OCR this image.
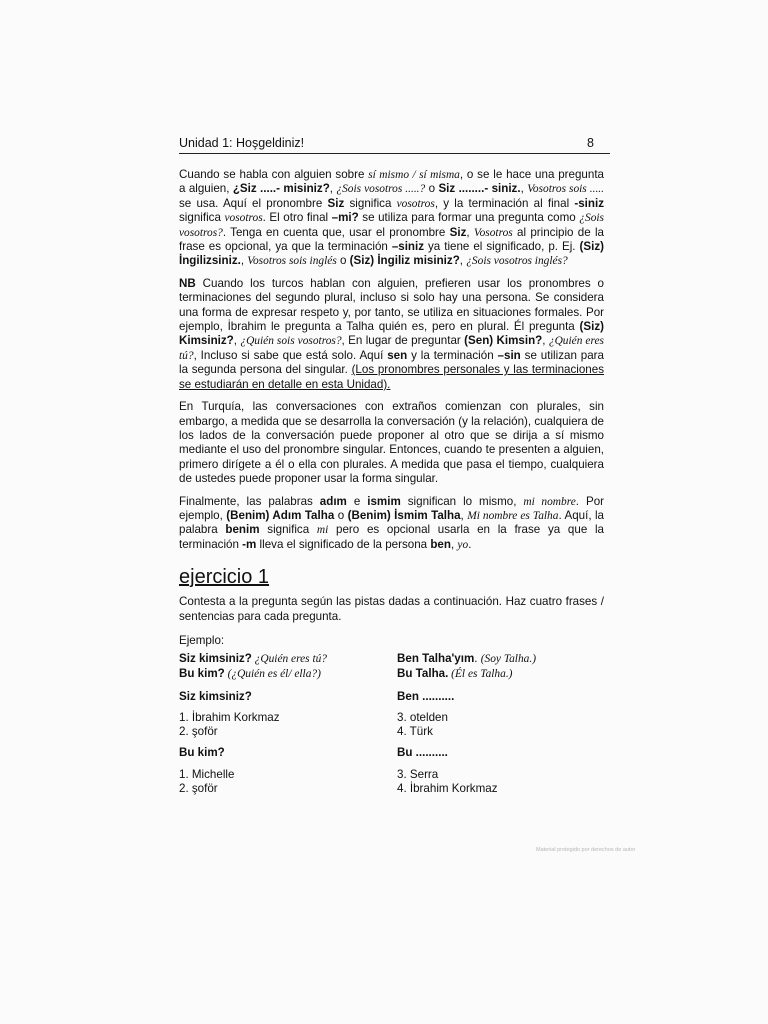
Unidad 1: Hoşgeldiniz!	8

Cuando se habla con alguien sobre sí mismo / sí misma, o se le hace una pregunta a alguien, ¿Siz .....- misiniz?, ¿Sois vosotros .....? o Siz ........- siniz., Vosotros sois ..... se usa. Aquí el pronombre Siz significa vosotros, y la terminación al final -siniz significa vosotros. El otro final –mi? se utiliza para formar una pregunta como ¿Sois vosotros?. Tenga en cuenta que, usar el pronombre Siz, Vosotros al principio de la frase es opcional, ya que la terminación –siniz ya tiene el significado, p. Ej. (Siz) İngilizsiniz., Vosotros sois inglés o (Siz) İngiliz misiniz?, ¿Sois vosotros inglés?

NB Cuando los turcos hablan con alguien, prefieren usar los pronombres o terminaciones del segundo plural, incluso si solo hay una persona. Se considera una forma de expresar respeto y, por tanto, se utiliza en situaciones formales. Por ejemplo, İbrahim le pregunta a Talha quién es, pero en plural. Él pregunta (Siz) Kimsiniz?, ¿Quién sois vosotros?, En lugar de preguntar (Sen) Kimsin?, ¿Quién eres tú?, Incluso si sabe que está solo. Aquí sen y la terminación –sin se utilizan para la segunda persona del singular. (Los pronombres personales y las terminaciones se estudiarán en detalle en esta Unidad).

En Turquía, las conversaciones con extraños comienzan con plurales, sin embargo, a medida que se desarrolla la conversación (y la relación), cualquiera de los lados de la conversación puede proponer al otro que se dirija a sí mismo mediante el uso del pronombre singular. Entonces, cuando te presenten a alguien, primero dirígete a él o ella con plurales. A medida que pasa el tiempo, cualquiera de ustedes puede proponer usar la forma singular.

Finalmente, las palabras adım e ismim significan lo mismo, mi nombre. Por ejemplo, (Benim) Adım Talha o (Benim) İsmim Talha, Mi nombre es Talha. Aquí, la palabra benim significa mi pero es opcional usarla en la frase ya que la terminación -m lleva el significado de la persona ben, yo.

ejercicio 1

Contesta a la pregunta según las pistas dadas a continuación. Haz cuatro frases / sentencias para cada pregunta.

Ejemplo:
Siz kimsiniz? ¿Quién eres tú?
Bu kim? (¿Quién es él/ ella?)
Siz kimsiniz?
1. İbrahim Korkmaz
2. şoför
Bu kim?
1. Michelle
2. şoför
Ben Talha'yım. (Soy Talha.)
Bu Talha. (Él es Talha.)
Ben ..........
3. otelden
4. Türk
Bu ..........
3. Serra
4. İbrahim Korkmaz
Material protegido por derechos de autor
